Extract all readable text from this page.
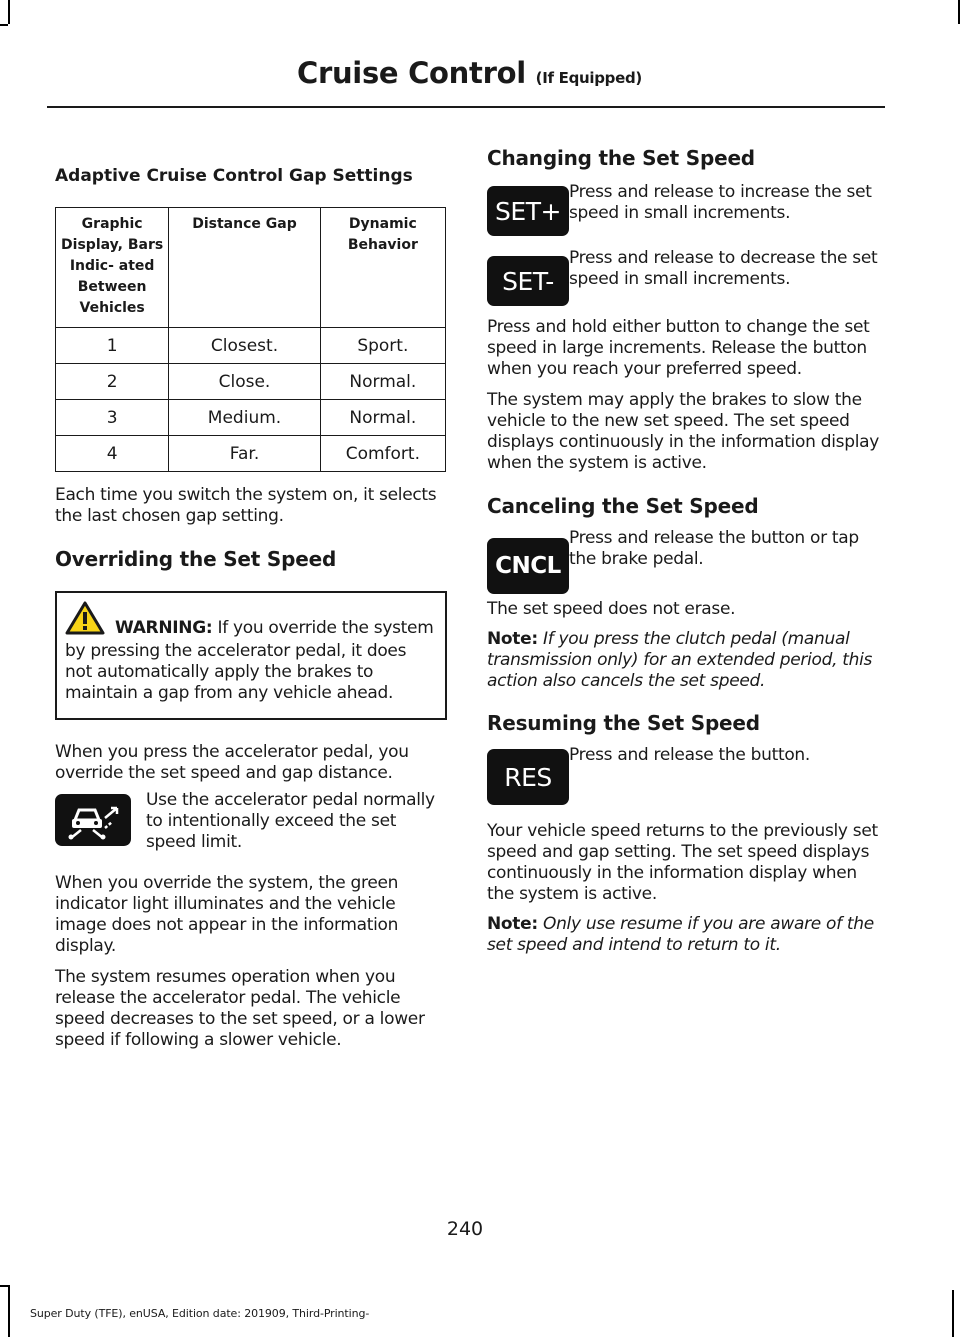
Cruise Control (If Equipped)
Adaptive Cruise Control Gap Settings
Graphic Display, Bars Indic- ated Between Vehicles	Distance Gap	Dynamic Behavior
1	Closest.	Sport.
2	Close.	Normal.
3	Medium.	Normal.
4	Far.	Comfort.

Each time you switch the system on, it selects the last chosen gap setting.

Overriding the Set Speed

WARNING: If you override the system by pressing the accelerator pedal, it does not automatically apply the brakes to maintain a gap from any vehicle ahead.

When you press the accelerator pedal, you override the set speed and gap distance.

Use the accelerator pedal normally to intentionally exceed the set speed limit.

When you override the system, the green indicator light illuminates and the vehicle image does not appear in the information display.

The system resumes operation when you release the accelerator pedal. The vehicle speed decreases to the set speed, or a lower speed if following a slower vehicle.

Changing the Set Speed
SET+

Press and release to increase the set speed in small increments.

SET-

Press and release to decrease the set speed in small increments.

Press and hold either button to change the set speed in large increments. Release the button when you reach your preferred speed.

The system may apply the brakes to slow the vehicle to the new set speed. The set speed displays continuously in the information display when the system is active.

Canceling the Set Speed
CNCL

Press and release the button or tap the brake pedal.

The set speed does not erase.

Note: If you press the clutch pedal (manual transmission only) for an extended period, this action also cancels the set speed.

Resuming the Set Speed
RES

Press and release the button.

Your vehicle speed returns to the previously set speed and gap setting. The set speed displays continuously in the information display when the system is active.

Note: Only use resume if you are aware of the set speed and intend to return to it.

240
Super Duty (TFE), enUSA, Edition date: 201909, Third-Printing-
